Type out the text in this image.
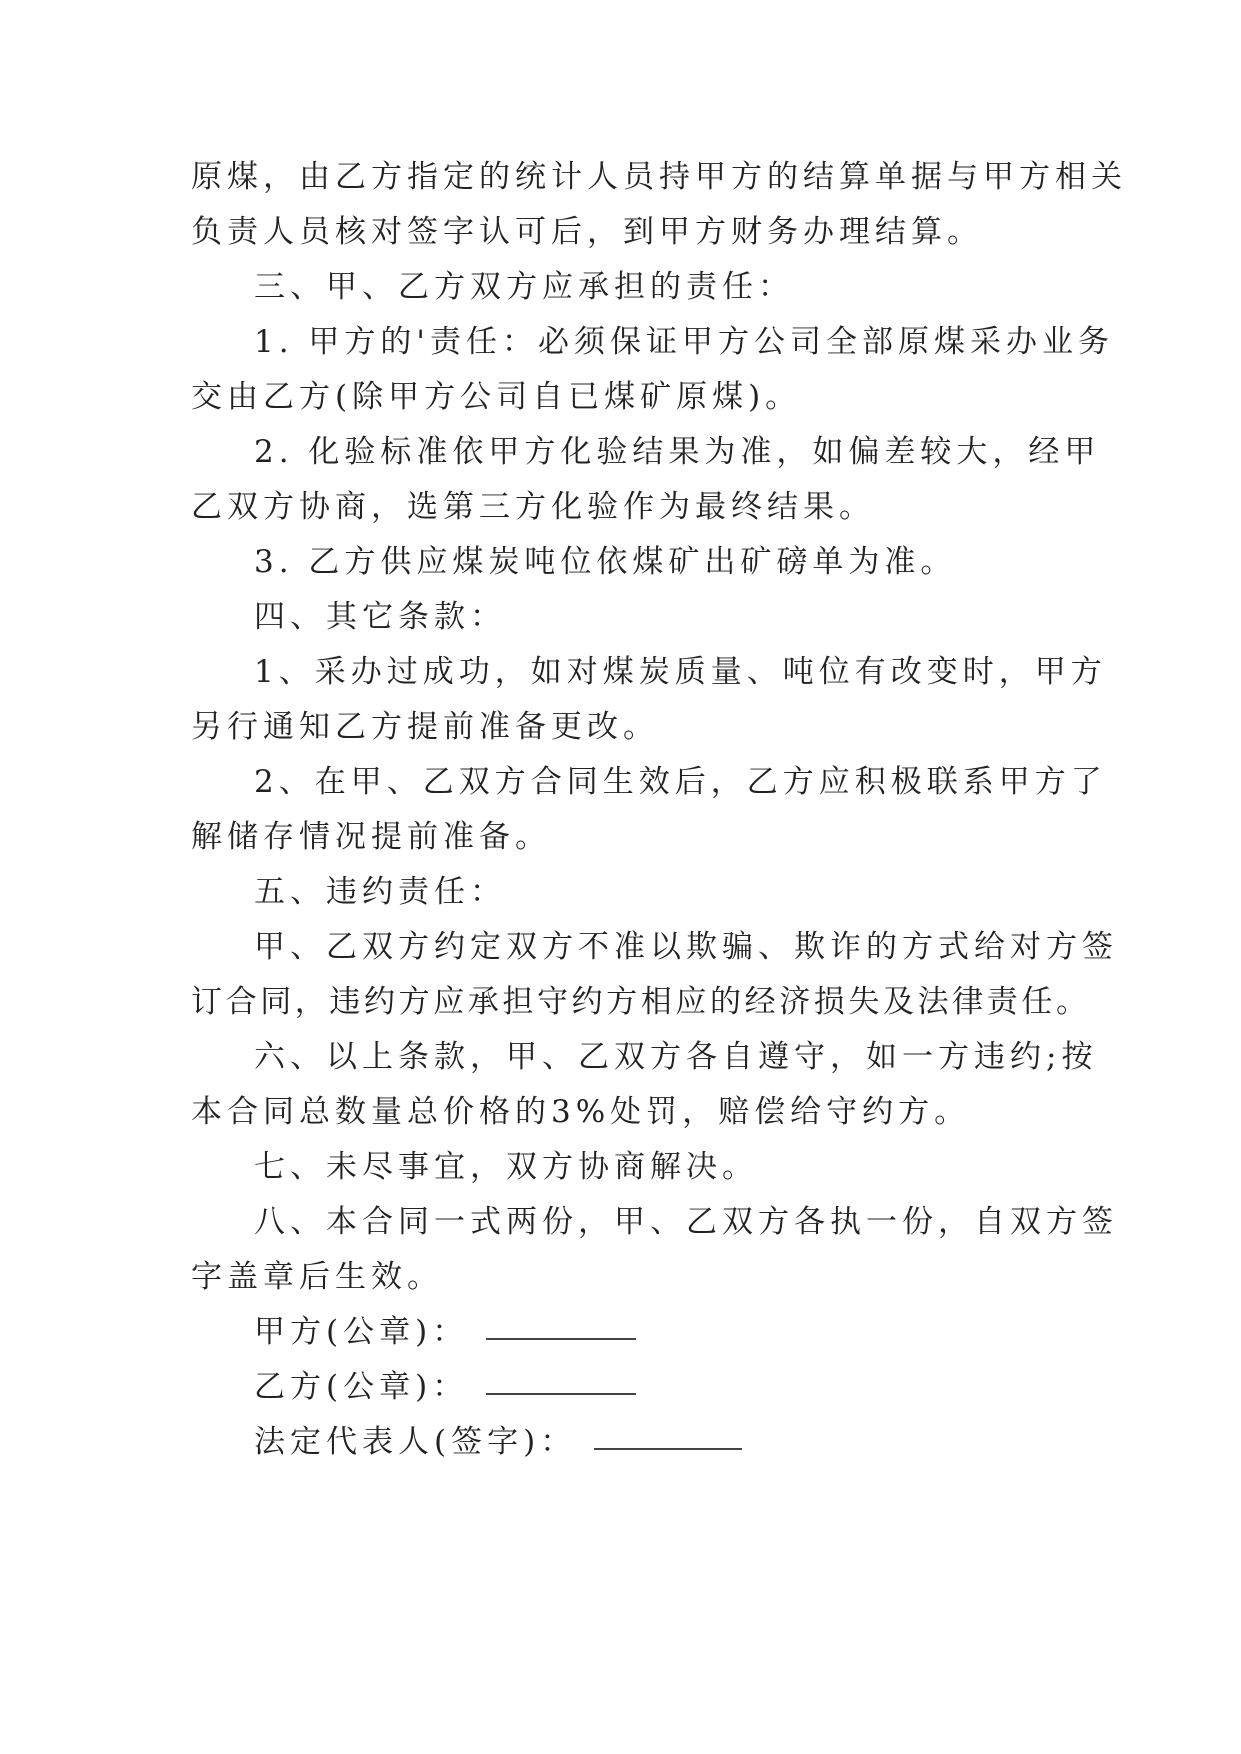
原煤，由乙方指定的统计人员持甲方的结算单据与甲方相关
负责人员核对签字认可后，到甲方财务办理结算。
三、甲、乙方双方应承担的责任：
1. 甲方的'责任：必须保证甲方公司全部原煤采办业务
交由乙方(除甲方公司自已煤矿原煤)。
2. 化验标准依甲方化验结果为准，如偏差较大，经甲
乙双方协商，选第三方化验作为最终结果。
3. 乙方供应煤炭吨位依煤矿出矿磅单为准。
四、其它条款：
1、采办过成功，如对煤炭质量、吨位有改变时，甲方
另行通知乙方提前准备更改。
2、在甲、乙双方合同生效后，乙方应积极联系甲方了
解储存情况提前准备。
五、违约责任：
甲、乙双方约定双方不准以欺骗、欺诈的方式给对方签
订合同，违约方应承担守约方相应的经济损失及法律责任。
六、以上条款，甲、乙双方各自遵守，如一方违约;按
本合同总数量总价格的3%处罚，赔偿给守约方。
七、未尽事宜，双方协商解决。
八、本合同一式两份，甲、乙双方各执一份，自双方签
字盖章后生效。
甲方(公章)：
乙方(公章)：
法定代表人(签字)：
